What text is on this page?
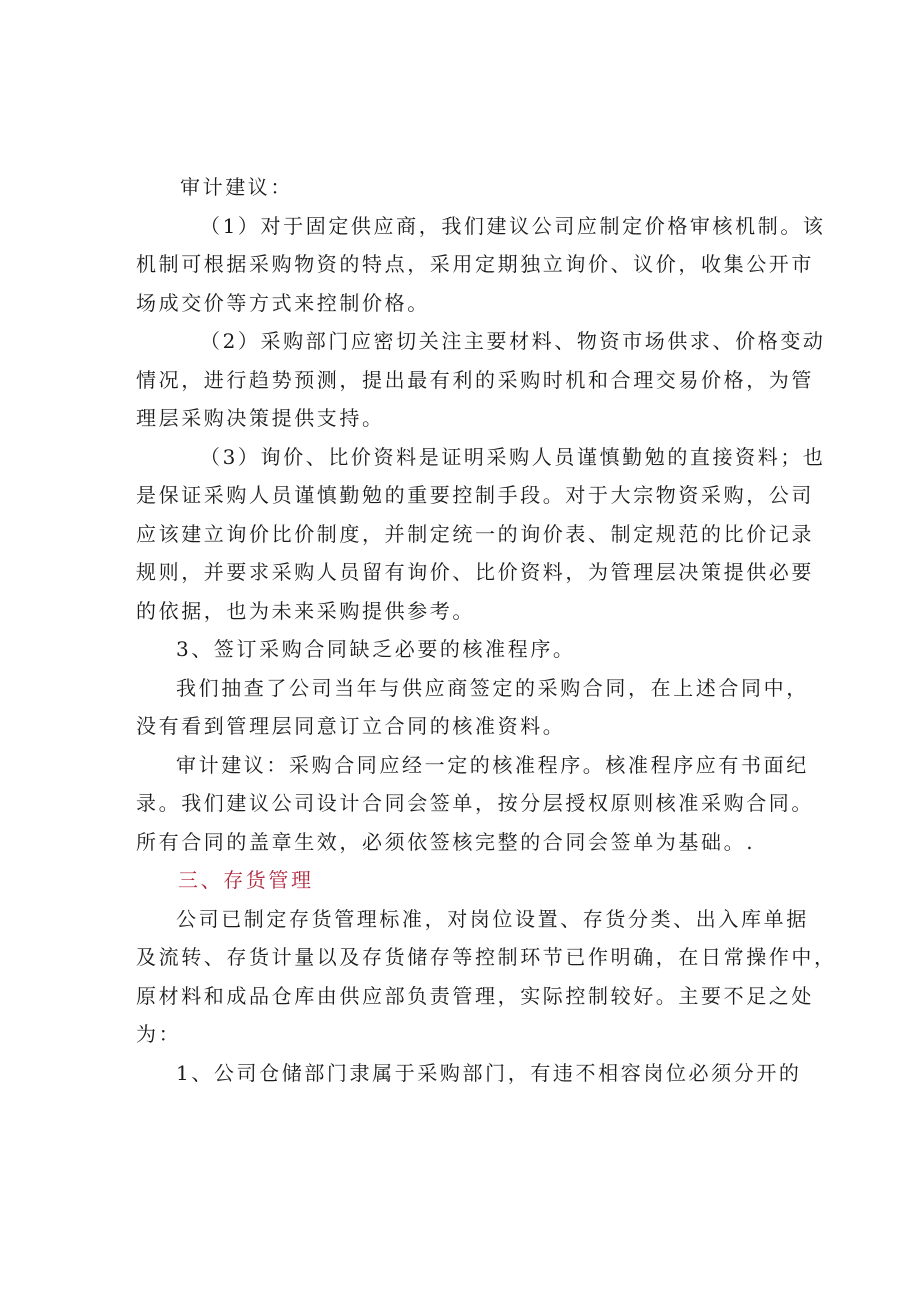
审计建议：

（1）对于固定供应商，我们建议公司应制定价格审核机制。该
机制可根据采购物资的特点，采用定期独立询价、议价，收集公开市
场成交价等方式来控制价格。

（2）采购部门应密切关注主要材料、物资市场供求、价格变动
情况，进行趋势预测，提出最有利的采购时机和合理交易价格，为管
理层采购决策提供支持。

（3）询价、比价资料是证明采购人员谨慎勤勉的直接资料；也
是保证采购人员谨慎勤勉的重要控制手段。对于大宗物资采购，公司
应该建立询价比价制度，并制定统一的询价表、制定规范的比价记录
规则，并要求采购人员留有询价、比价资料，为管理层决策提供必要
的依据，也为未来采购提供参考。

3、签订采购合同缺乏必要的核准程序。

我们抽查了公司当年与供应商签定的采购合同，在上述合同中，
没有看到管理层同意订立合同的核准资料。

审计建议：采购合同应经一定的核准程序。核准程序应有书面纪
录。我们建议公司设计合同会签单，按分层授权原则核准采购合同。
所有合同的盖章生效，必须依签核完整的合同会签单为基础。.

三、存货管理

公司已制定存货管理标准，对岗位设置、存货分类、出入库单据
及流转、存货计量以及存货储存等控制环节已作明确，在日常操作中，
原材料和成品仓库由供应部负责管理，实际控制较好。主要不足之处
为：

1、公司仓储部门隶属于采购部门，有违不相容岗位必须分开的
